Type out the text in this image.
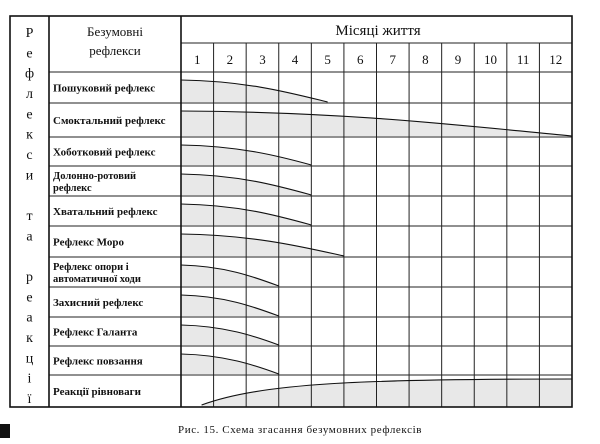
Р
е
ф
л
е
к
с
и
т
а
р
е
а
к
ц
і
ї
Безумовні
рефлекси
Місяці життя
1 2 3 4 5 6 7 8 9 10 11 12
Пошуковий рефлекс
Смоктальний рефлекс
Хоботковий рефлекс
Долонно-ротовий
рефлекс
Хватальний рефлекс
Рефлекс Моро
Рефлекс опори і
автоматичної ходи
Захисний рефлекс
Рефлекс Галанта
Рефлекс повзання
Реакції рівноваги
Рис. 15. Схема згасання безумовних рефлексів
